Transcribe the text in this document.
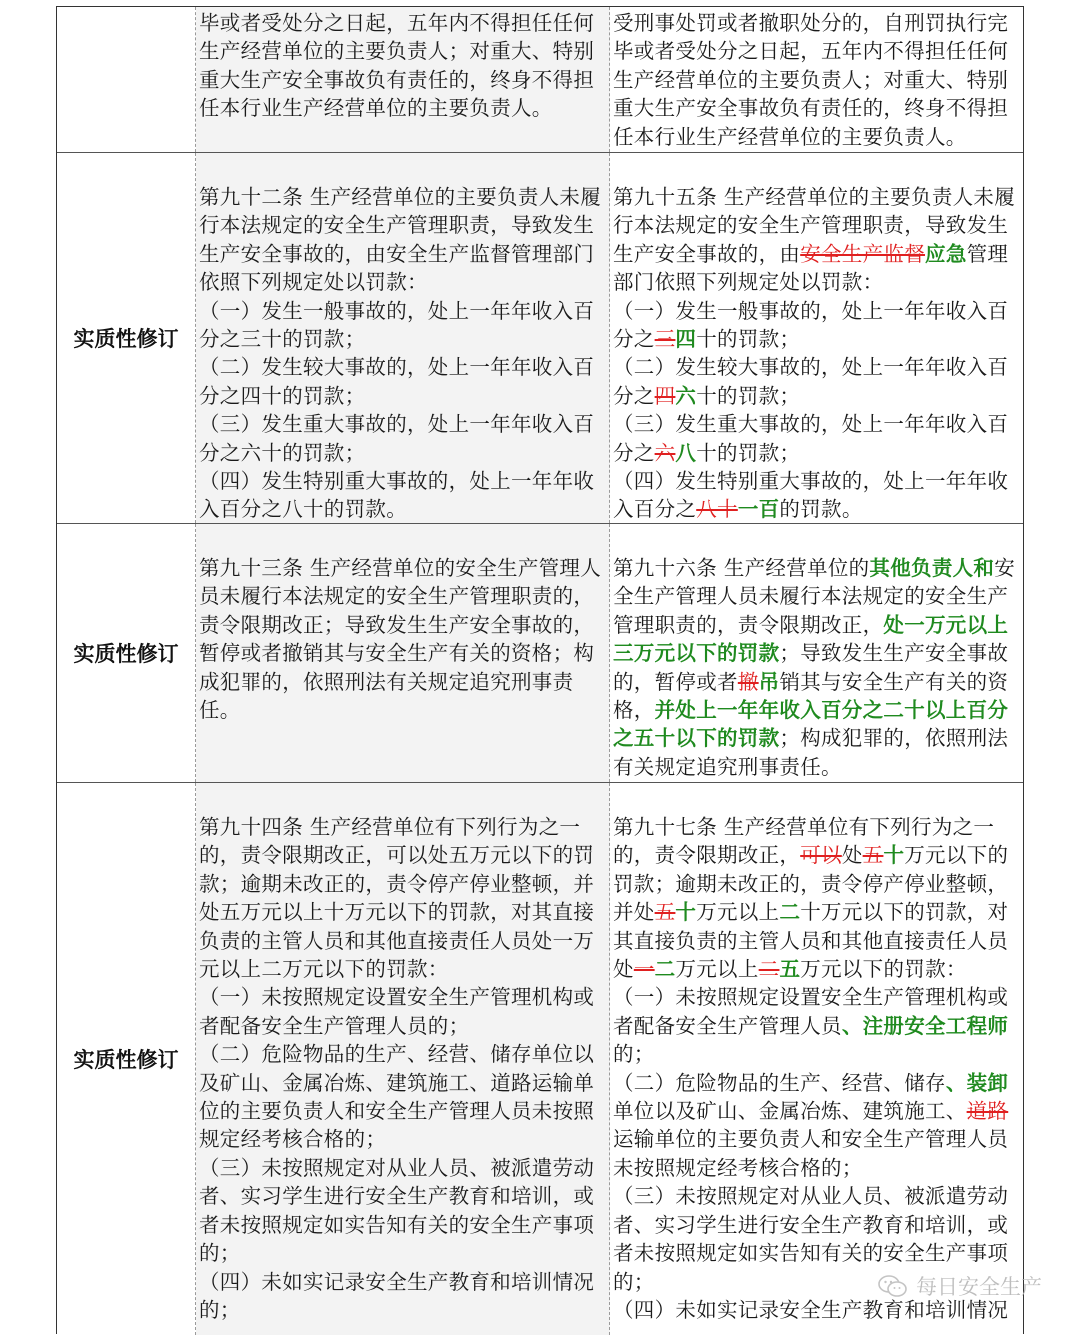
毕或者受处分之日起，五年内不得担任任何生产经营单位的主要负责人；对重大、特别重大生产安全事故负有责任的，终身不得担任本行业生产经营单位的主要负责人。
受刑事处罚或者撤职处分的，自刑罚执行完毕或者受处分之日起，五年内不得担任任何生产经营单位的主要负责人；对重大、特别重大生产安全事故负有责任的，终身不得担任本行业生产经营单位的主要负责人。
实质性修订
第九十二条 生产经营单位的主要负责人未履行本法规定的安全生产管理职责，导致发生生产安全事故的，由安全生产监督管理部门依照下列规定处以罚款：
（一）发生一般事故的，处上一年年收入百分之三十的罚款；
（二）发生较大事故的，处上一年年收入百分之四十的罚款；
（三）发生重大事故的，处上一年年收入百分之六十的罚款；
（四）发生特别重大事故的，处上一年年收入百分之八十的罚款。
第九十五条 生产经营单位的主要负责人未履行本法规定的安全生产管理职责，导致发生生产安全事故的，由安全生产监督应急管理部门依照下列规定处以罚款：
（一）发生一般事故的，处上一年年收入百分之三四十的罚款；
（二）发生较大事故的，处上一年年收入百分之四六十的罚款；
（三）发生重大事故的，处上一年年收入百分之六八十的罚款；
（四）发生特别重大事故的，处上一年年收入百分之八十一百的罚款。
实质性修订
第九十三条 生产经营单位的安全生产管理人员未履行本法规定的安全生产管理职责的，责令限期改正；导致发生生产安全事故的，暂停或者撤销其与安全生产有关的资格；构成犯罪的，依照刑法有关规定追究刑事责任。
第九十六条 生产经营单位的其他负责人和安全生产管理人员未履行本法规定的安全生产管理职责的，责令限期改正，处一万元以上三万元以下的罚款；导致发生生产安全事故的，暂停或者撤吊销其与安全生产有关的资格，并处上一年年收入百分之二十以上百分之五十以下的罚款；构成犯罪的，依照刑法有关规定追究刑事责任。
实质性修订
第九十四条 生产经营单位有下列行为之一的，责令限期改正，可以处五万元以下的罚款；逾期未改正的，责令停产停业整顿，并处五万元以上十万元以下的罚款，对其直接负责的主管人员和其他直接责任人员处一万元以上二万元以下的罚款：
（一）未按照规定设置安全生产管理机构或者配备安全生产管理人员的；
（二）危险物品的生产、经营、储存单位以及矿山、金属冶炼、建筑施工、道路运输单位的主要负责人和安全生产管理人员未按照规定经考核合格的；
（三）未按照规定对从业人员、被派遣劳动者、实习学生进行安全生产教育和培训，或者未按照规定如实告知有关的安全生产事项的；
（四）未如实记录安全生产教育和培训情况的；
第九十七条 生产经营单位有下列行为之一的，责令限期改正，可以处五十万元以下的罚款；逾期未改正的，责令停产停业整顿，并处五十万元以上二十万元以下的罚款，对其直接负责的主管人员和其他直接责任人员处一二万元以上二五万元以下的罚款：
（一）未按照规定设置安全生产管理机构或者配备安全生产管理人员、注册安全工程师的；
（二）危险物品的生产、经营、储存、装卸单位以及矿山、金属冶炼、建筑施工、道路运输单位的主要负责人和安全生产管理人员未按照规定经考核合格的；
（三）未按照规定对从业人员、被派遣劳动者、实习学生进行安全生产教育和培训，或者未按照规定如实告知有关的安全生产事项的；
（四）未如实记录安全生产教育和培训情况
每日安全生产
